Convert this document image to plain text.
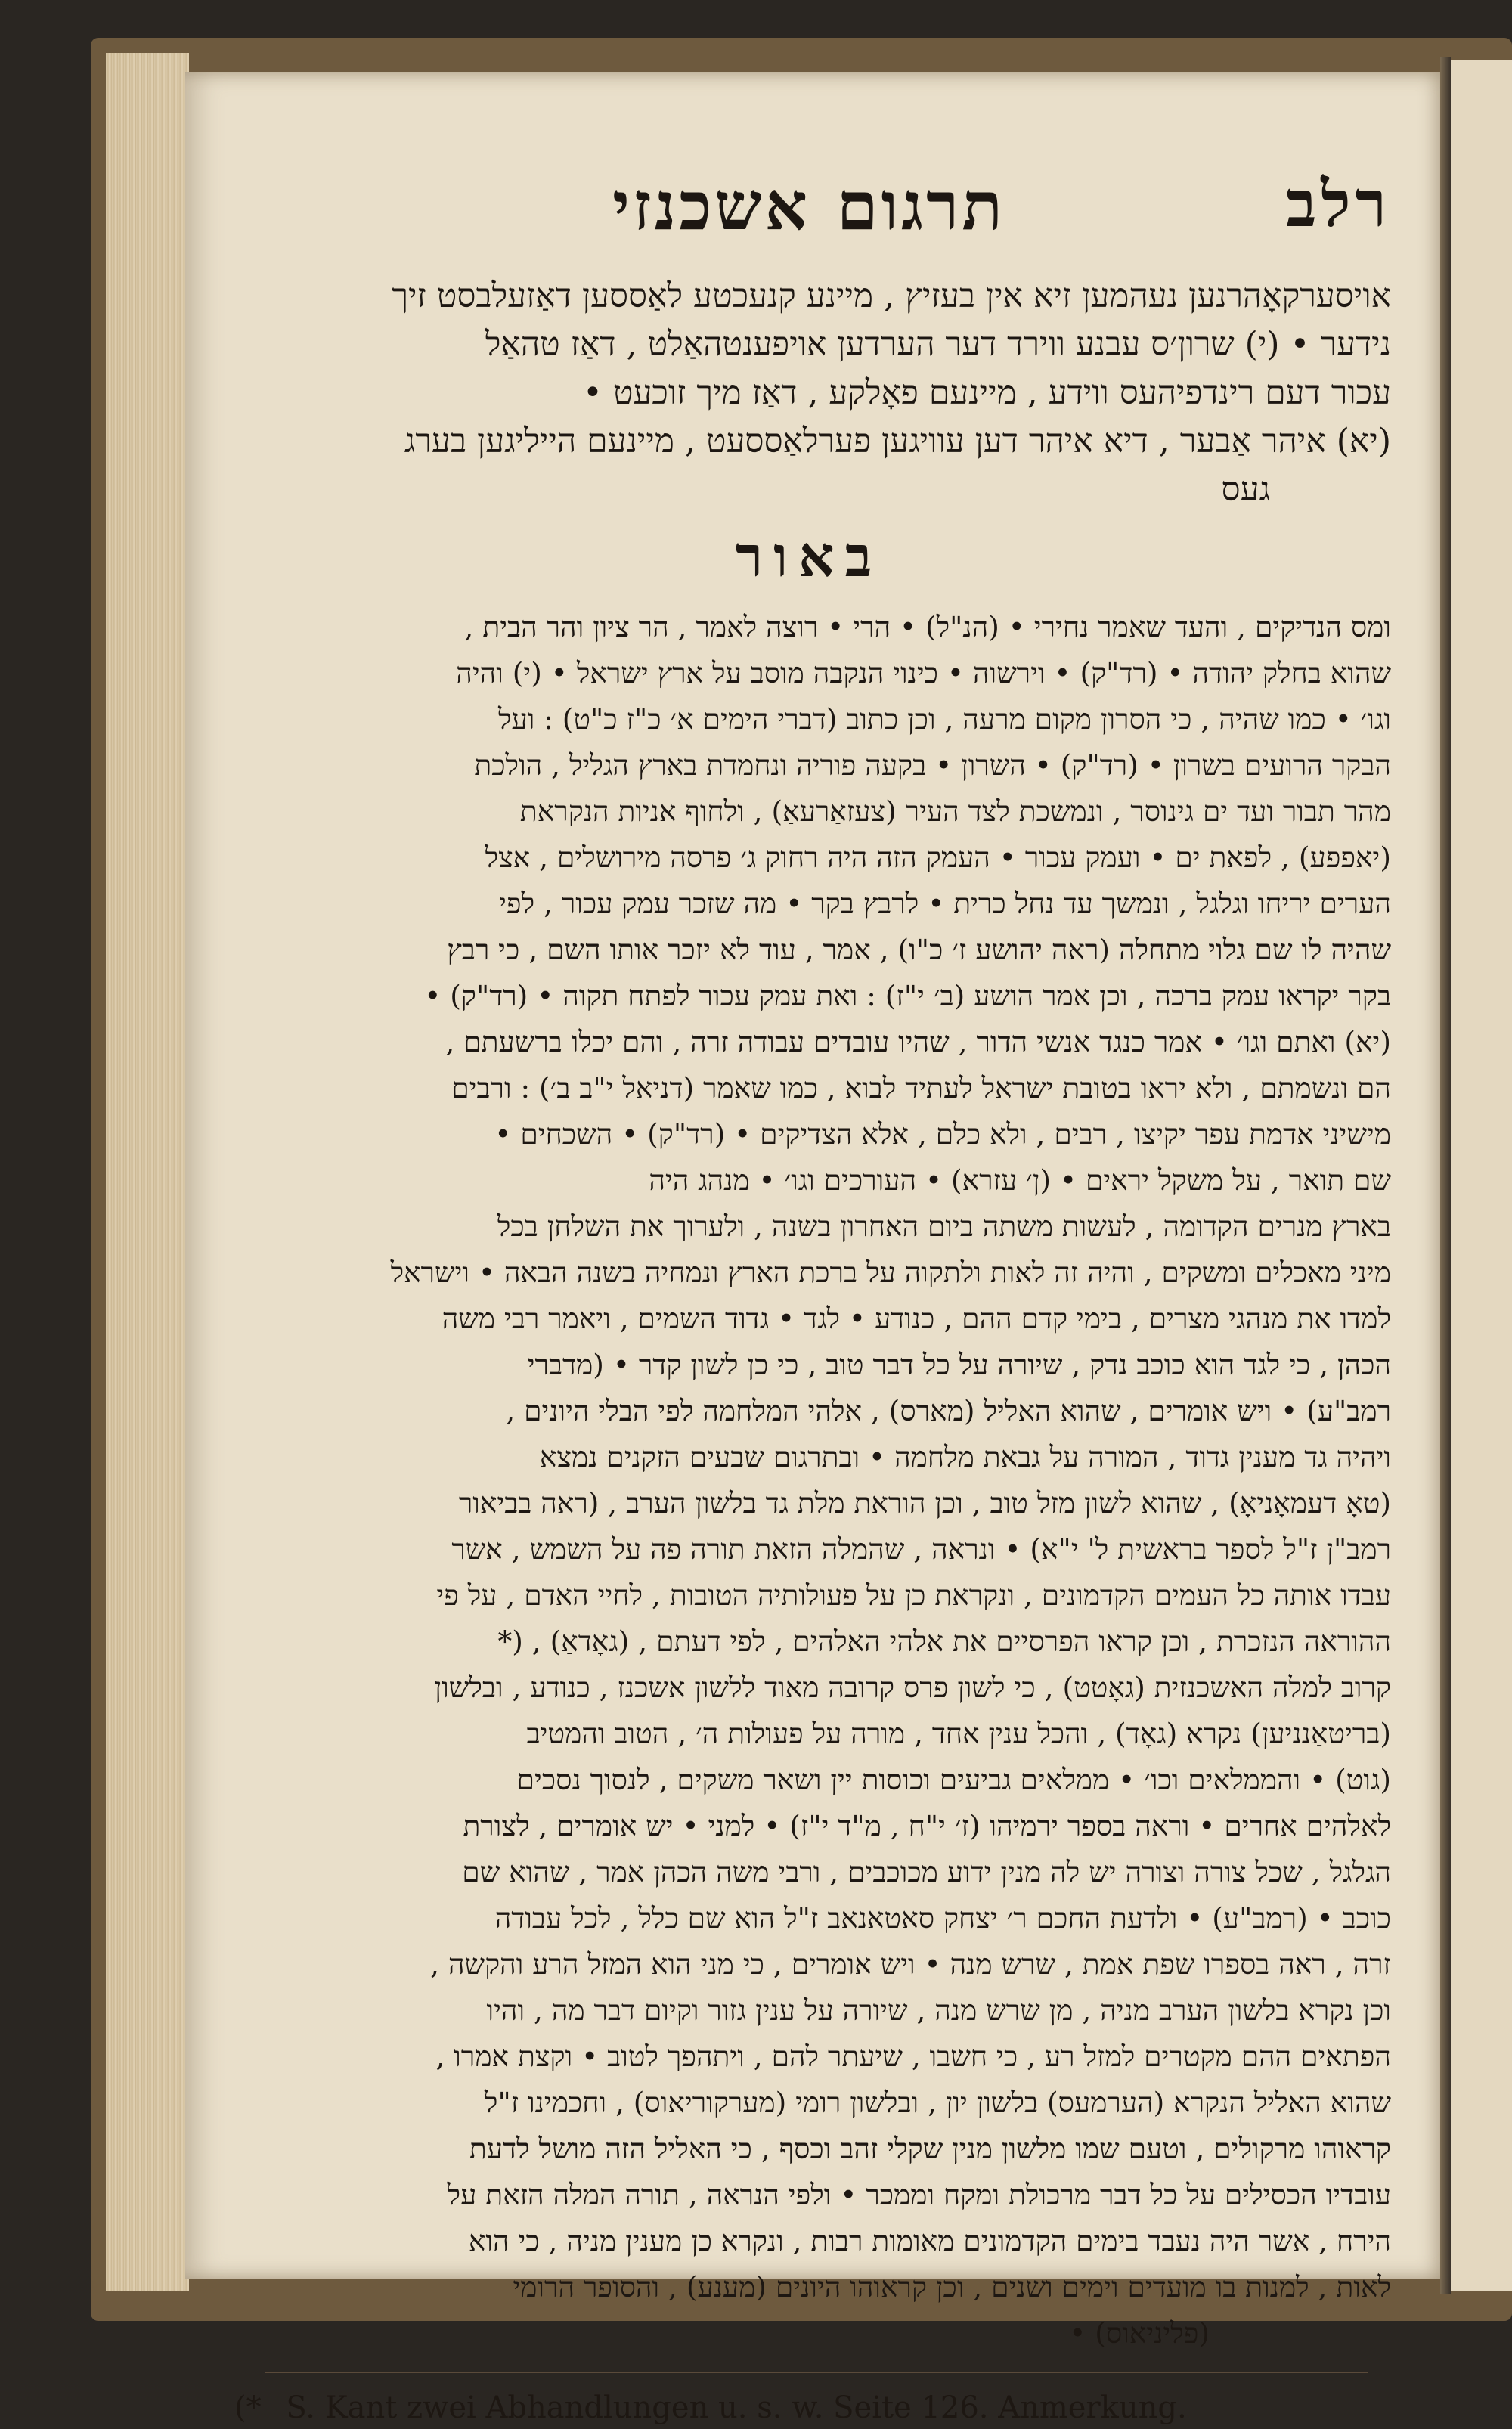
רלב
תרגום אשכנזי

אויסערקאָהרנען נעהמען זיא אין בעזיץ , מיינע קנעכטע לאַססען דאַזעלבסט זיך

נידער • (י) שרון׳ס עבנע ווירד דער הערדען אויפענטהאַלט , דאַז טהאַל

עכור דעם רינדפיהעס ווידע , מיינעם פאָלקע , דאַז מיך זוכעט •

(יא) איהר אַבער , דיא איהר דען עוויגען פערלאַססעט , מיינעם הייליגען בערג

געס

באור

ומס הנדיקים , והעד שאמר נחירי • (הנ"ל) • הרי • רוצה לאמר , הר ציון והר הבית ,

שהוא בחלק יהודה • (רד"ק) • וירשוה • כינוי הנקבה מוסב על ארץ ישראל • (י) והיה

וגו׳ • כמו שהיה , כי הסרון מקום מרעה , וכן כתוב (דברי הימים א׳ כ"ז כ"ט) : ועל

הבקר הרועים בשרון • (רד"ק) • השרון • בקעה פוריה ונחמדת בארץ הגליל , הולכת

מהר תבור ועד ים גינוסר , ונמשכת לצד העיר (צעזאַרעאַ) , ולחוף אניות הנקראת

(יאפפע) , לפאת ים • ועמק עכור • העמק הזה היה רחוק ג׳ פרסה מירושלים , אצל

הערים יריחו וגלגל , ונמשך עד נחל כרית • לרבץ בקר • מה שזכר עמק עכור , לפי

שהיה לו שם גלוי מתחלה (ראה יהושע ז׳ כ"ו) , אמר , עוד לא יזכר אותו השם , כי רבץ

בקר יקראו עמק ברכה , וכן אמר הושע (ב׳ י"ז) : ואת עמק עכור לפתח תקוה • (רד"ק) •

(יא) ואתם וגו׳ • אמר כנגד אנשי הדור , שהיו עובדים עבודה זרה , והם יכלו ברשעתם ,

הם ונשמתם , ולא יראו בטובת ישראל לעתיד לבוא , כמו שאמר (דניאל י"ב ב׳) : ורבים

מישיני אדמת עפר יקיצו , רבים , ולא כלם , אלא הצדיקים • (רד"ק) • השכחים •

שם תואר , על משקל יראים • (ן׳ עזרא) • העורכים וגו׳ • מנהג היה

בארץ מנרים הקדומה , לעשות משתה ביום האחרון בשנה , ולערוך את השלחן בכל

מיני מאכלים ומשקים , והיה זה לאות ולתקוה על ברכת הארץ ונמחיה בשנה הבאה • וישראל

למדו את מנהגי מצרים , בימי קדם ההם , כנודע • לגד • גדוד השמים , ויאמר רבי משה

הכהן , כי לגד הוא כוכב נדק , שיורה על כל דבר טוב , כי כן לשון קדר • (מדברי

רמב"ע) • ויש אומרים , שהוא האליל (מארס) , אלהי המלחמה לפי הבלי היונים ,

ויהיה גד מענין גדוד , המורה על גבאת מלחמה • ובתרגום שבעים הזקנים נמצא

(טאָ דעמאָניאָ) , שהוא לשון מזל טוב , וכן הוראת מלת גד בלשון הערב , (ראה בביאור

רמב"ן ז"ל לספר בראשית ל' י"א) • ונראה , שהמלה הזאת תורה פה על השמש , אשר

עבדו אותה כל העמים הקדמונים , ונקראת כן על פעולותיה הטובות , לחיי האדם , על פי

ההוראה הנזכרת , וכן קראו הפרסיים את אלהי האלהים , לפי דעתם , (גאָדאַ) , (*

קרוב למלה האשכנזית (גאָטט) , כי לשון פרס קרובה מאוד ללשון אשכנז , כנודע , ובלשון

(בריטאַנניען) נקרא (גאָד) , והכל ענין אחד , מורה על פעולות ה׳ , הטוב והמטיב

(גוט) • והממלאים וכו׳ • ממלאים גביעים וכוסות יין ושאר משקים , לנסוך נסכים

לאלהים אחרים • וראה בספר ירמיהו (ז׳ י"ח , מ"ד י"ז) • למני • יש אומרים , לצורת

הגלגל , שכל צורה וצורה יש לה מנין ידוע מכוכבים , ורבי משה הכהן אמר , שהוא שם

כוכב • (רמב"ע) • ולדעת החכם ר׳ יצחק סאטאנאב ז"ל הוא שם כלל , לכל עבודה

זרה , ראה בספרו שפת אמת , שרש מנה • ויש אומרים , כי מני הוא המזל הרע והקשה ,

וכן נקרא בלשון הערב מניה , מן שרש מנה , שיורה על ענין גזור וקיום דבר מה , והיו

הפתאים ההם מקטרים למזל רע , כי חשבו , שיעתר להם , ויתהפך לטוב • וקצת אמרו ,

שהוא האליל הנקרא (הערמעס) בלשון יון , ובלשון רומי (מערקוריאוס) , וחכמינו ז"ל

קראוהו מרקולים , וטעם שמו מלשון מנין שקלי זהב וכסף , כי האליל הזה מושל לדעת

עובדיו הכסילים על כל דבר מרכולת ומקח וממכר • ולפי הנראה , תורה המלה הזאת על

הירח , אשר היה נעבד בימים הקדמונים מאומות רבות , ונקרא כן מענין מניה , כי הוא

לאות , למנות בו מועדים וימים ושנים , וכן קראוהו היונים (מענע) , והסופר הרומי

(פליניאוס) •

(* S. Kant zwei Abhandlungen u. s. w. Seite 126. Anmerkung.
